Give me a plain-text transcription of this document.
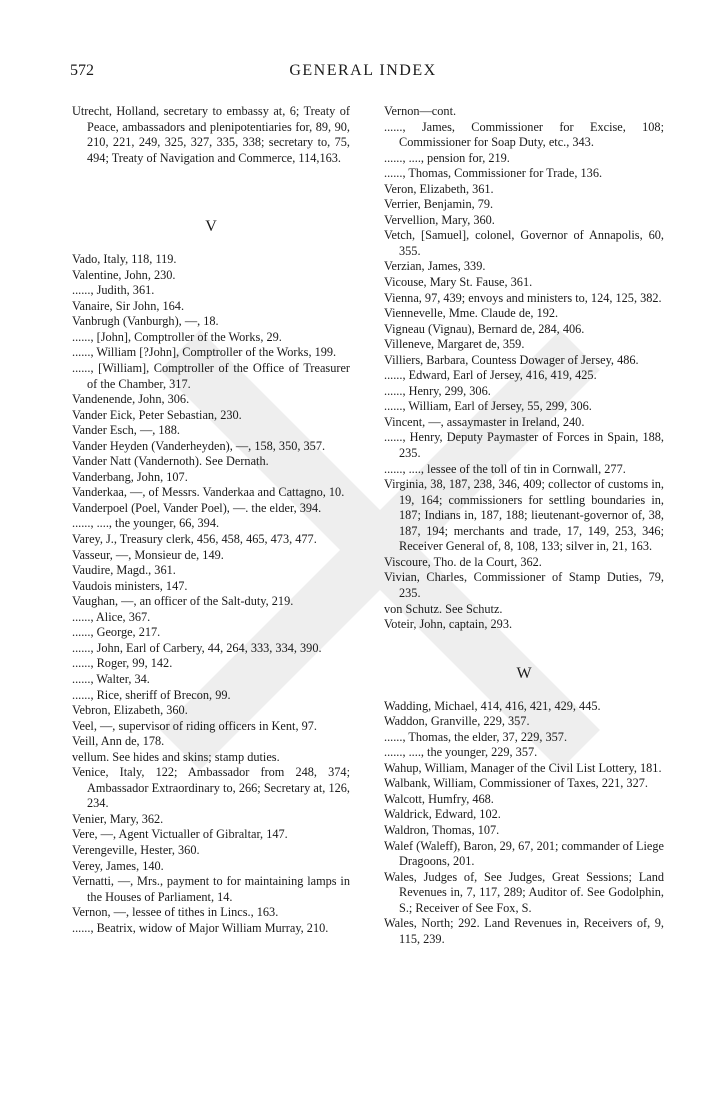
572	GENERAL INDEX
Utrecht, Holland, secretary to embassy at, 6; Treaty of Peace, ambassadors and plenipotentiaries for, 89, 90, 210, 221, 249, 325, 327, 335, 338; secretary to, 75, 494; Treaty of Navigation and Commerce, 114,163.
V
Vado, Italy, 118, 119.
Valentine, John, 230.
......, Judith, 361.
Vanaire, Sir John, 164.
Vanbrugh (Vanburgh), —, 18.
......, [John], Comptroller of the Works, 29.
......, William [?John], Comptroller of the Works, 199.
......, [William], Comptroller of the Office of Treasurer of the Chamber, 317.
Vandenende, John, 306.
Vander Eick, Peter Sebastian, 230.
Vander Esch, —, 188.
Vander Heyden (Vanderheyden), —, 158, 350, 357.
Vander Natt (Vandernoth). See Dernath.
Vanderbang, John, 107.
Vanderkaa, —, of Messrs. Vanderkaa and Cattagno, 10.
Vanderpoel (Poel, Vander Poel), —. the elder, 394.
......, ...., the younger, 66, 394.
Varey, J., Treasury clerk, 456, 458, 465, 473, 477.
Vasseur, —, Monsieur de, 149.
Vaudire, Magd., 361.
Vaudois ministers, 147.
Vaughan, —, an officer of the Salt-duty, 219.
......, Alice, 367.
......, George, 217.
......, John, Earl of Carbery, 44, 264, 333, 334, 390.
......, Roger, 99, 142.
......, Walter, 34.
......, Rice, sheriff of Brecon, 99.
Vebron, Elizabeth, 360.
Veel, —, supervisor of riding officers in Kent, 97.
Veill, Ann de, 178.
vellum. See hides and skins; stamp duties.
Venice, Italy, 122; Ambassador from 248, 374; Ambassador Extraordinary to, 266; Secretary at, 126, 234.
Venier, Mary, 362.
Vere, —, Agent Victualler of Gibraltar, 147.
Verengeville, Hester, 360.
Verey, James, 140.
Vernatti, —, Mrs., payment to for maintaining lamps in the Houses of Parliament, 14.
Vernon, —, lessee of tithes in Lincs., 163.
......, Beatrix, widow of Major William Murray, 210.
Vernon—cont.
......, James, Commissioner for Excise, 108; Commissioner for Soap Duty, etc., 343.
......, ...., pension for, 219.
......, Thomas, Commissioner for Trade, 136.
Veron, Elizabeth, 361.
Verrier, Benjamin, 79.
Vervellion, Mary, 360.
Vetch, [Samuel], colonel, Governor of Annapolis, 60, 355.
Verzian, James, 339.
Vicouse, Mary St. Fause, 361.
Vienna, 97, 439; envoys and ministers to, 124, 125, 382.
Viennevelle, Mme. Claude de, 192.
Vigneau (Vignau), Bernard de, 284, 406.
Villeneve, Margaret de, 359.
Villiers, Barbara, Countess Dowager of Jersey, 486.
......, Edward, Earl of Jersey, 416, 419, 425.
......, Henry, 299, 306.
......, William, Earl of Jersey, 55, 299, 306.
Vincent, —, assaymaster in Ireland, 240.
......, Henry, Deputy Paymaster of Forces in Spain, 188, 235.
......, ...., lessee of the toll of tin in Cornwall, 277.
Virginia, 38, 187, 238, 346, 409; collector of customs in, 19, 164; commissioners for settling boundaries in, 187; Indians in, 187, 188; lieutenant-governor of, 38, 187, 194; merchants and trade, 17, 149, 253, 346; Receiver General of, 8, 108, 133; silver in, 21, 163.
Viscoure, Tho. de la Court, 362.
Vivian, Charles, Commissioner of Stamp Duties, 79, 235.
von Schutz. See Schutz.
Voteir, John, captain, 293.
W
Wadding, Michael, 414, 416, 421, 429, 445.
Waddon, Granville, 229, 357.
......, Thomas, the elder, 37, 229, 357.
......, ...., the younger, 229, 357.
Wahup, William, Manager of the Civil List Lottery, 181.
Walbank, William, Commissioner of Taxes, 221, 327.
Walcott, Humfry, 468.
Waldrick, Edward, 102.
Waldron, Thomas, 107.
Walef (Waleff), Baron, 29, 67, 201; commander of Liege Dragoons, 201.
Wales, Judges of, See Judges, Great Sessions; Land Revenues in, 7, 117, 289; Auditor of. See Godolphin, S.; Receiver of See Fox, S.
Wales, North; 292. Land Revenues in, Receivers of, 9, 115, 239.
